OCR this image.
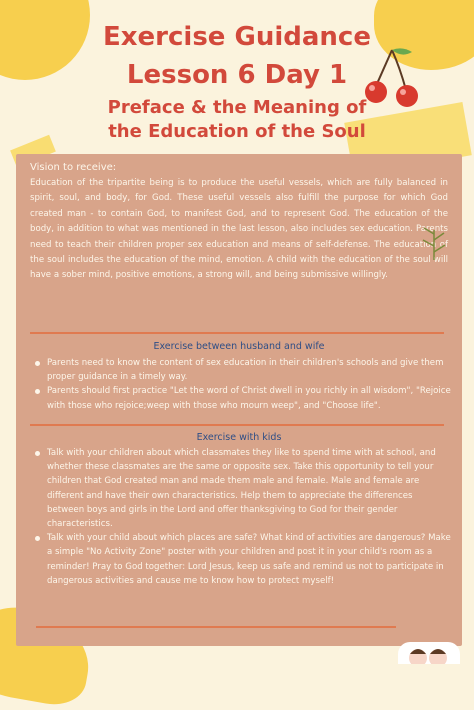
Exercise Guidance
Lesson 6 Day 1
Preface & the Meaning of
the Education of the Soul

Vision to receive:

Education of the tripartite being is to produce the useful vessels, which are fully balanced in spirit, soul, and body, for God. These useful vessels also fulfill the purpose for which God created man - to contain God, to manifest God, and to represent God. The education of the body, in addition to what was mentioned in the last lesson, also includes sex education. Parents need to teach their children proper sex education and means of self-defense. The education of the soul includes the education of the mind, emotion. A child with the education of the soul will have a sober mind, positive emotions, a strong will, and being submissive willingly.

Exercise between husband and wife

Parents need to know the content of sex education in their children's schools and give them proper guidance in a timely way.
Parents should first practice "Let the word of Christ dwell in you richly in all wisdom", "Rejoice with those who rejoice;weep with those who mourn weep", and "Choose life".

Exercise with kids

Talk with your children about which classmates they like to spend time with at school, and whether these classmates are the same or opposite sex. Take this opportunity to tell your children that God created man and made them male and female. Male and female are different and have their own characteristics. Help them to appreciate the differences between boys and girls in the Lord and offer thanksgiving to God for their gender characteristics.
Talk with your child about which places are safe? What kind of activities are dangerous? Make a simple "No Activity Zone" poster with your children and post it in your child's room as a reminder! Pray to God together: Lord Jesus, keep us safe and remind us not to participate in dangerous activities and cause me to know how to protect myself!
